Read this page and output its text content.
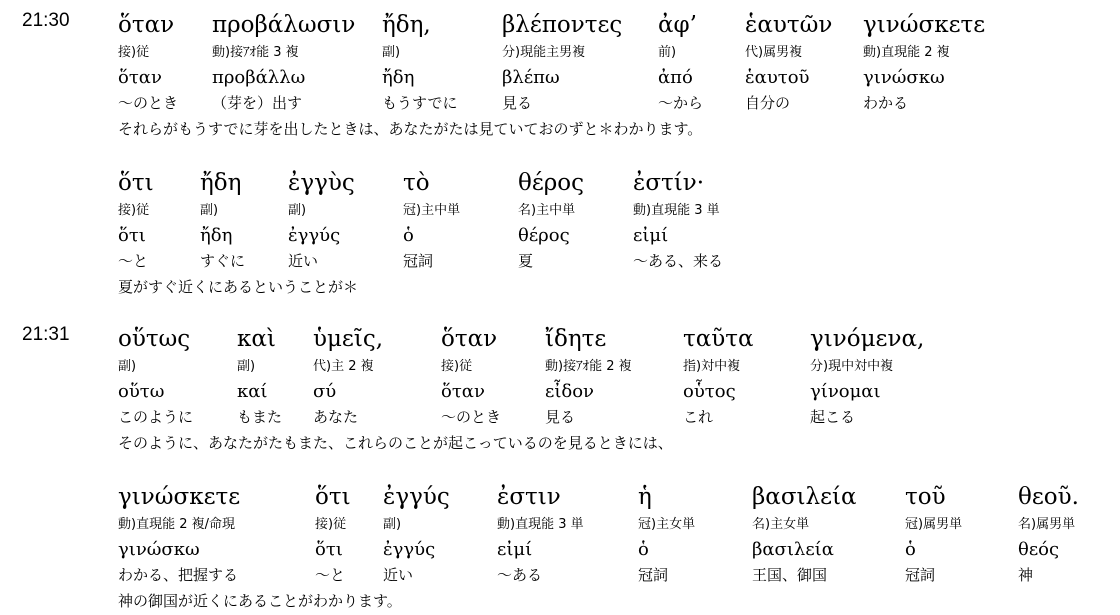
21:30 ὅταν
接)従
ὅταν
～のとき
προβάλωσιν
動)接ｱｵ能 3 複
προβάλλω
（芽を）出す
ἤδη,
副)
ἤδη
もうすでに
βλέποντες
分)現能主男複
βλέπω
見る
ἀφ’
前)
ἀπό
～から
ἑαυτῶν
代)属男複
ἑαυτοῦ
自分の
γινώσκετε
動)直現能 2 複
γινώσκω
わかる
それらがもうすでに芽を出したときは、あなたがたは見ていておのずと＊わかります。
ὅτι
接)従
ὅτι
～と
ἤδη
副)
ἤδη
すぐに
ἐγγὺς
副)
ἐγγύς
近い
τὸ
冠)主中単
ὁ
冠詞
θέρος
名)主中単
θέρος
夏
ἐστίν·
動)直現能 3 単
εἰμί
～ある、来る
夏がすぐ近くにあるということが＊
21:31 οὕτως
副)
οὕτω
このように
καὶ
副)
καί
もまた
ὑμεῖς,
代)主 2 複
σύ
あなた
ὅταν
接)従
ὅταν
～のとき
ἴδητε
動)接ｱｵ能 2 複
εἶδον
見る
ταῦτα
指)対中複
οὗτος
これ
γινόμενα,
分)現中対中複
γίνομαι
起こる
そのように、あなたがたもまた、これらのことが起こっているのを見るときには、
γινώσκετε
動)直現能 2 複/命現
γινώσκω
わかる、把握する
ὅτι
接)従
ὅτι
～と
ἐγγύς
副)
ἐγγύς
近い
ἐστιν
動)直現能 3 単
εἰμί
～ある
ἡ
冠)主女単
ὁ
冠詞
βασιλεία
名)主女単
βασιλεία
王国、御国
τοῦ
冠)属男単
ὁ
冠詞
θεοῦ.
名)属男単
θεός
神
神の御国が近くにあることがわかります。
